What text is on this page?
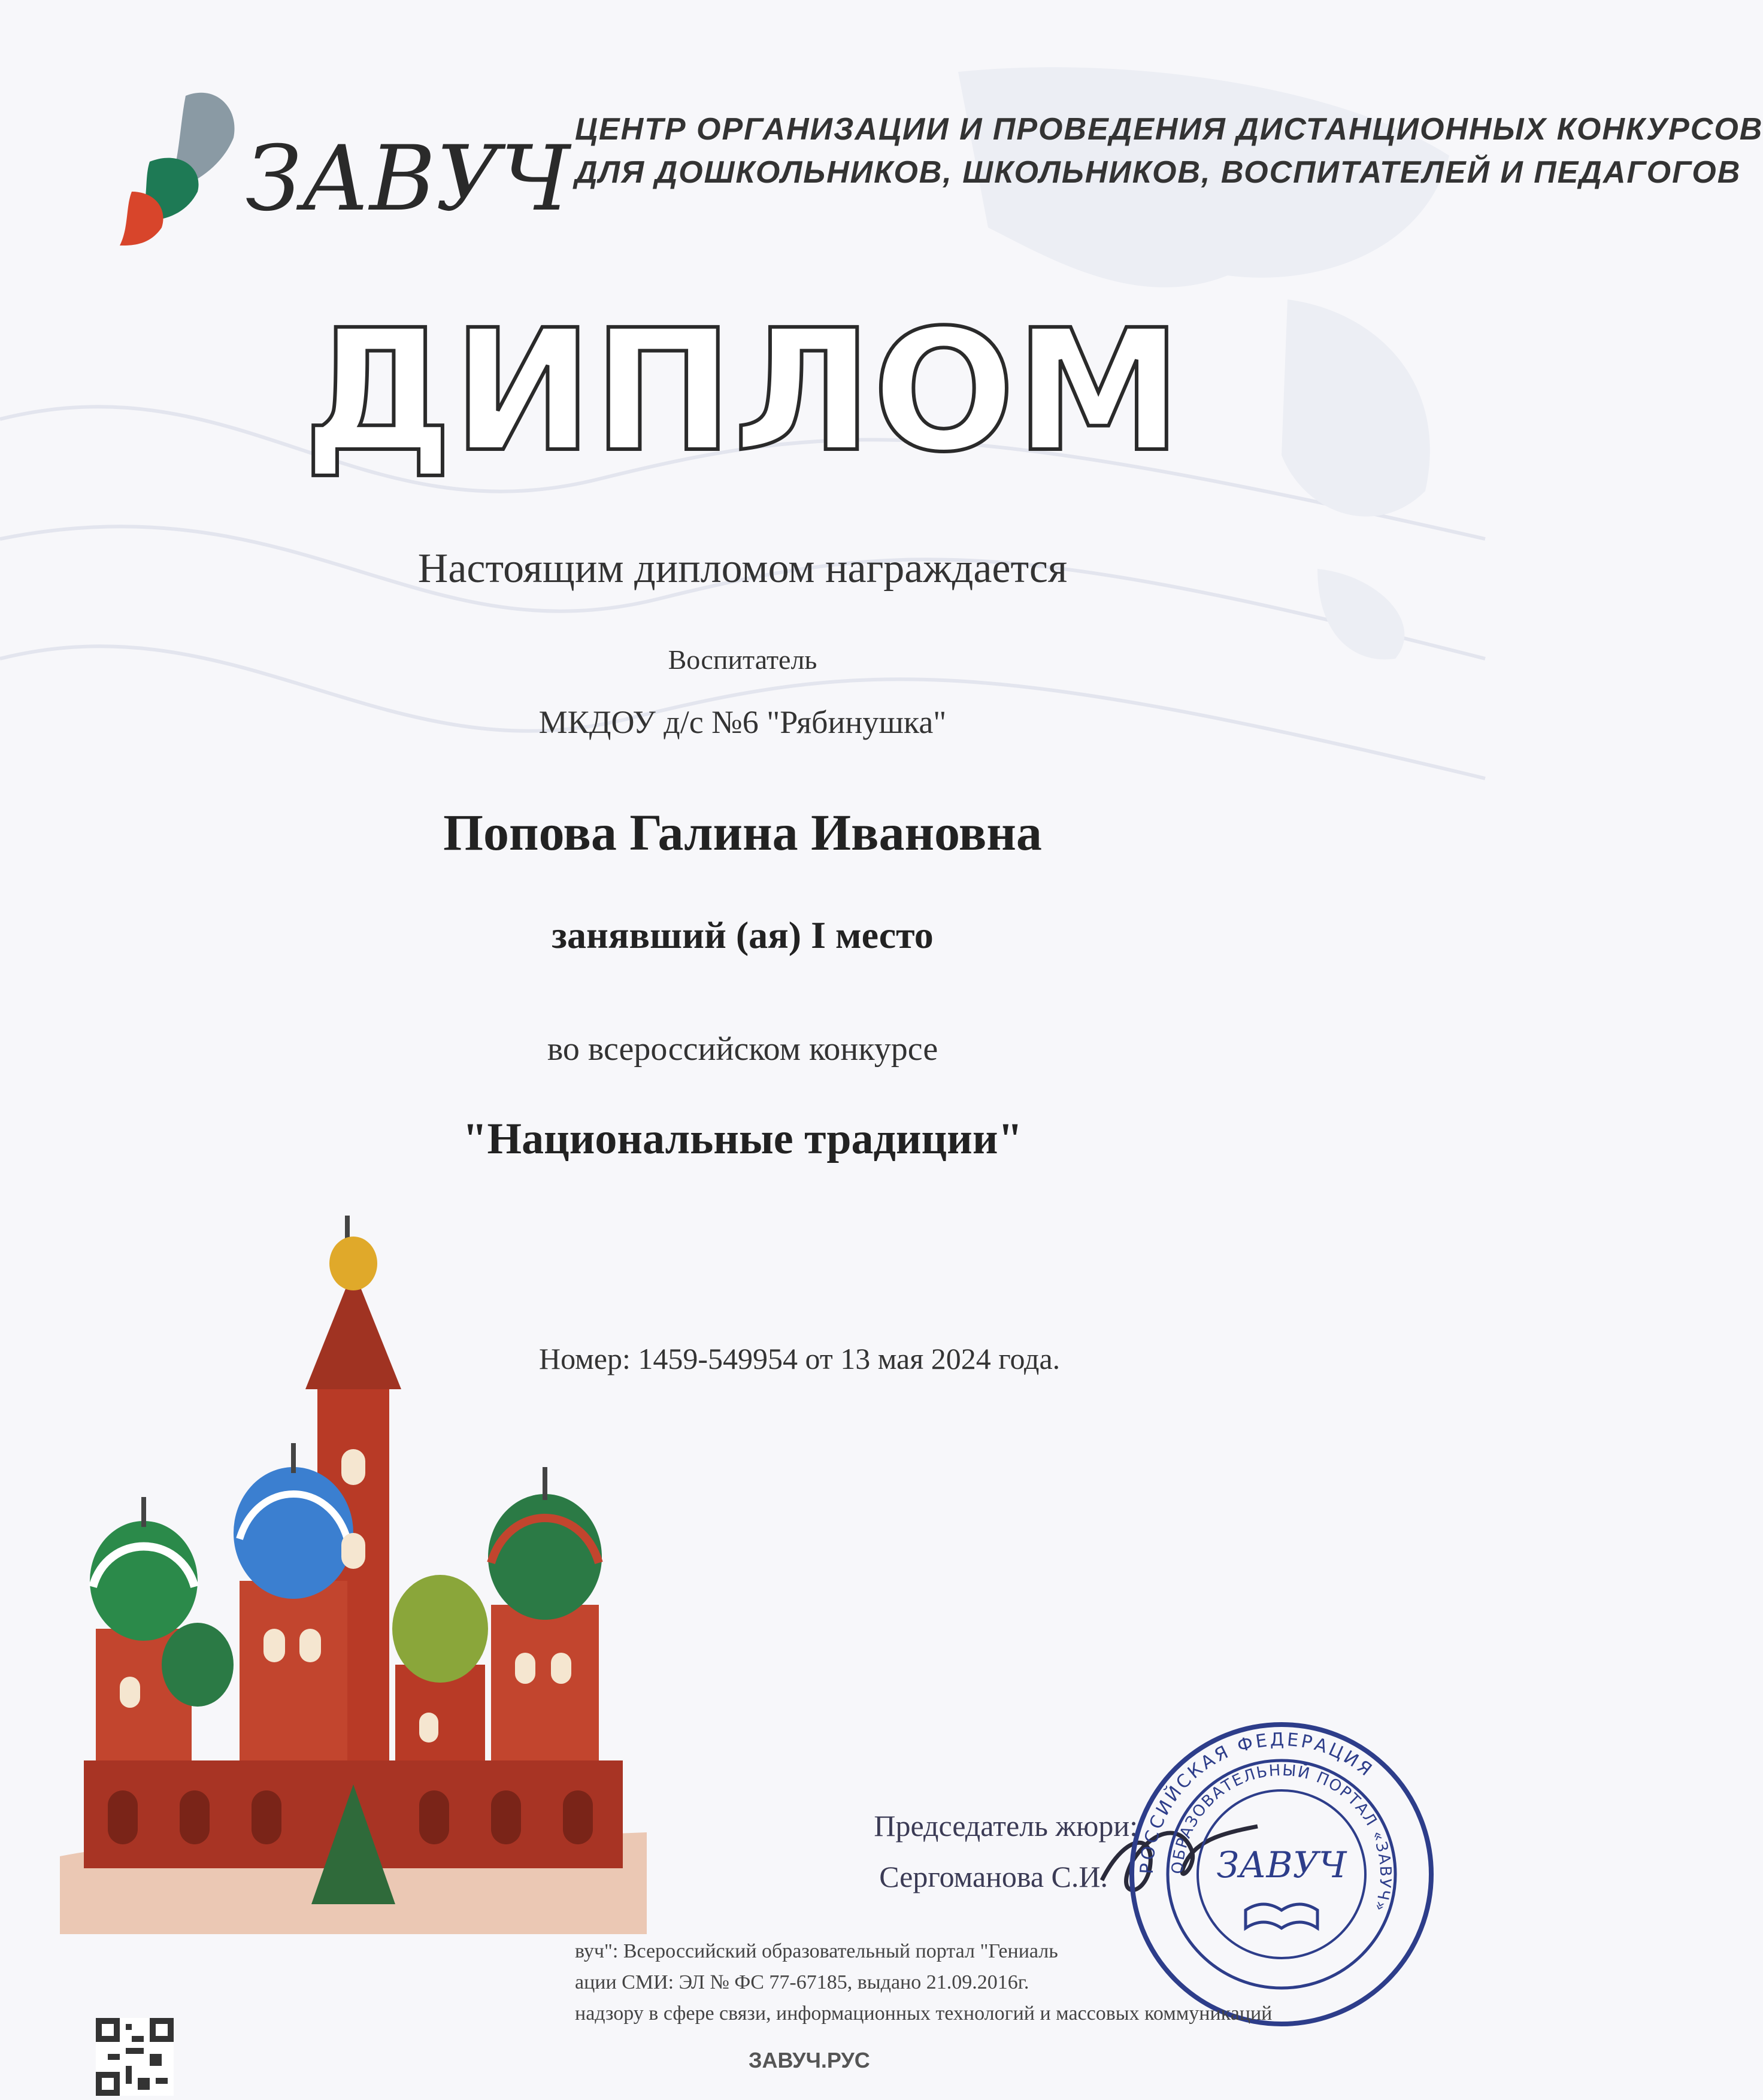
ЗАВУЧ ЦЕНТР ОРГАНИЗАЦИИ И ПРОВЕДЕНИЯ ДИСТАНЦИОННЫХ КОНКУРСОВ
ДЛЯ ДОШКОЛЬНИКОВ, ШКОЛЬНИКОВ, ВОСПИТАТЕЛЕЙ И ПЕДАГОГОВ
ДИПЛОМ
Настоящим дипломом награждается
Воспитатель
МКДОУ д/с №6 "Рябинушка"
Попова Галина Ивановна
занявший (ая) I место
во всероссийском конкурсе
"Национальные традиции"
Номер: 1459-549954 от 13 мая 2024 года.
Председатель жюри:
Сергоманова С.И. РОССИЙСКАЯ ФЕДЕРАЦИЯ
ОБРАЗОВАТЕЛЬНЫЙ ПОРТАЛ «ЗАВУЧ»
ЗАВУЧ
вуч": Всероссийский образовательный портал "Гениаль
ации СМИ: ЭЛ № ФС 77-67185, выдано 21.09.2016г.
надзору в сфере связи, информационных технологий и массовых коммуникаций
ЗАВУЧ.РУС
